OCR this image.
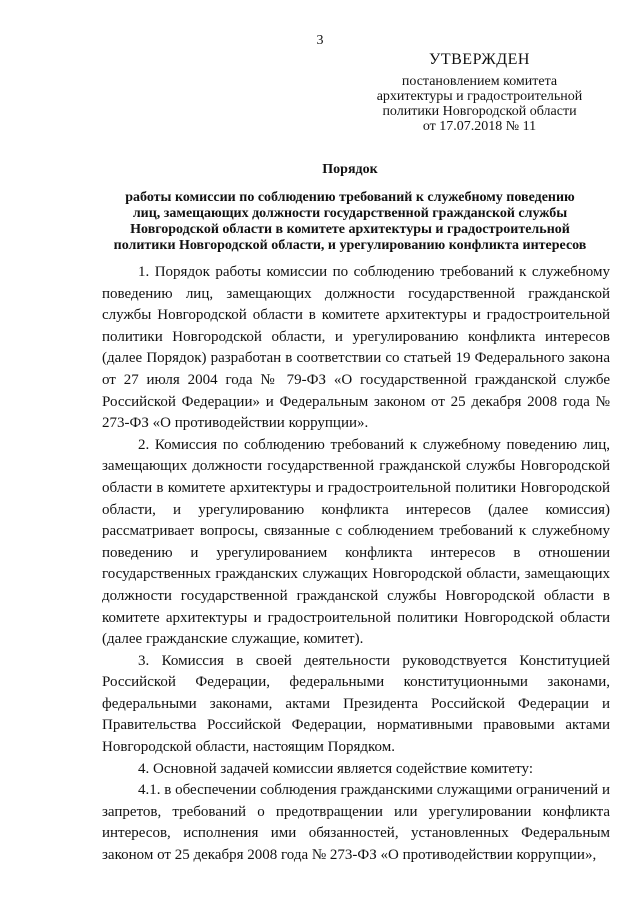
3
УТВЕРЖДЕН
постановлением комитета
архитектуры и градостроительной
политики Новгородской области
от 17.07.2018 № 11
Порядок
работы комиссии по соблюдению требований к служебному поведению
лиц, замещающих должности государственной гражданской службы
Новгородской области в комитете архитектуры и градостроительной
политики Новгородской области, и урегулированию конфликта интересов

1. Порядок работы комиссии по соблюдению требований к служебному поведению лиц, замещающих должности государственной гражданской службы Новгородской области в комитете архитектуры и градостроительной политики Новгородской области, и урегулированию конфликта интересов (далее Порядок) разработан в соответствии со статьей 19 Федерального закона от 27 июля 2004 года № 79-ФЗ «О государственной гражданской службе Российской Федерации» и Федеральным законом от 25 декабря 2008 года № 273-ФЗ «О противодействии коррупции».

2. Комиссия по соблюдению требований к служебному поведению лиц, замещающих должности государственной гражданской службы Новгородской области в комитете архитектуры и градостроительной политики Новгородской области, и урегулированию конфликта интересов (далее комиссия) рассматривает вопросы, связанные с соблюдением требований к служебному поведению и урегулированием конфликта интересов в отношении государственных гражданских служащих Новгородской области, замещающих должности государственной гражданской службы Новгородской области в комитете архитектуры и градостроительной политики Новгородской области (далее гражданские служащие, комитет).

3. Комиссия в своей деятельности руководствуется Конституцией Российской Федерации, федеральными конституционными законами, федеральными законами, актами Президента Российской Федерации и Правительства Российской Федерации, нормативными правовыми актами Новгородской области, настоящим Порядком.

4. Основной задачей комиссии является содействие комитету:

4.1. в обеспечении соблюдения гражданскими служащими ограничений и запретов, требований о предотвращении или урегулировании конфликта интересов, исполнения ими обязанностей, установленных Федеральным законом от 25 декабря 2008 года № 273-ФЗ «О противодействии коррупции»,
